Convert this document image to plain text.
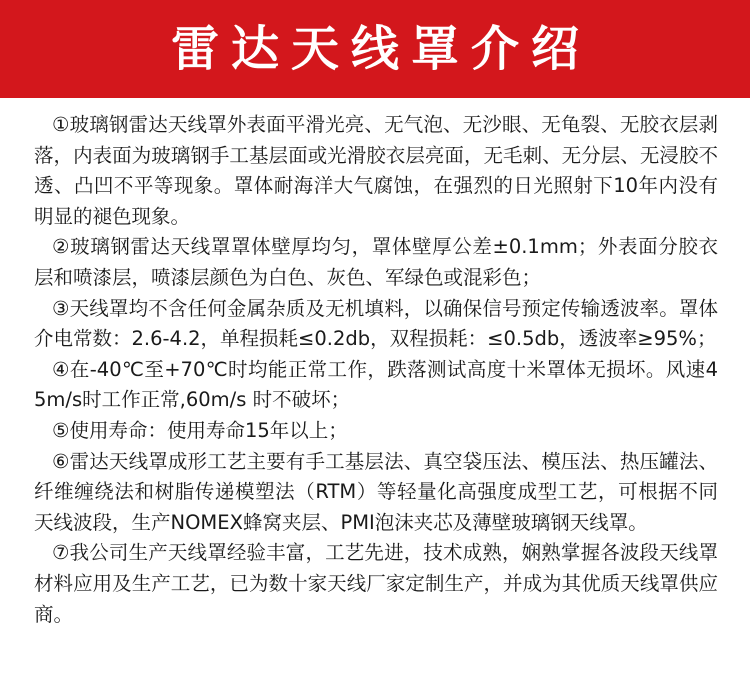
雷达天线罩介绍

①玻璃钢雷达天线罩外表面平滑光亮、无气泡、无沙眼、无龟裂、无胶衣层剥落，内表面为玻璃钢手工基层面或光滑胶衣层亮面，无毛刺、无分层、无浸胶不透、凸凹不平等现象。罩体耐海洋大气腐蚀，在强烈的日光照射下10年内没有明显的褪色现象。

②玻璃钢雷达天线罩罩体壁厚均匀，罩体壁厚公差±0.1mm；外表面分胶衣层和喷漆层，喷漆层颜色为白色、灰色、军绿色或混彩色；

③天线罩均不含任何金属杂质及无机填料，以确保信号预定传输透波率。罩体介电常数：2.6-4.2，单程损耗≤0.2db，双程损耗：≤0.5db，透波率≥95%；

④在-40℃至+70℃时均能正常工作，跌落测试高度十米罩体无损坏。风速45m/s时工作正常,60m/s 时不破坏；

⑤使用寿命：使用寿命15年以上；

⑥雷达天线罩成形工艺主要有手工基层法、真空袋压法、模压法、热压罐法、纤维缠绕法和树脂传递模塑法（RTM）等轻量化高强度成型工艺，可根据不同天线波段，生产NOMEX蜂窝夹层、PMI泡沫夹芯及薄壁玻璃钢天线罩。

⑦我公司生产天线罩经验丰富，工艺先进，技术成熟，娴熟掌握各波段天线罩材料应用及生产工艺，已为数十家天线厂家定制生产，并成为其优质天线罩供应商。
